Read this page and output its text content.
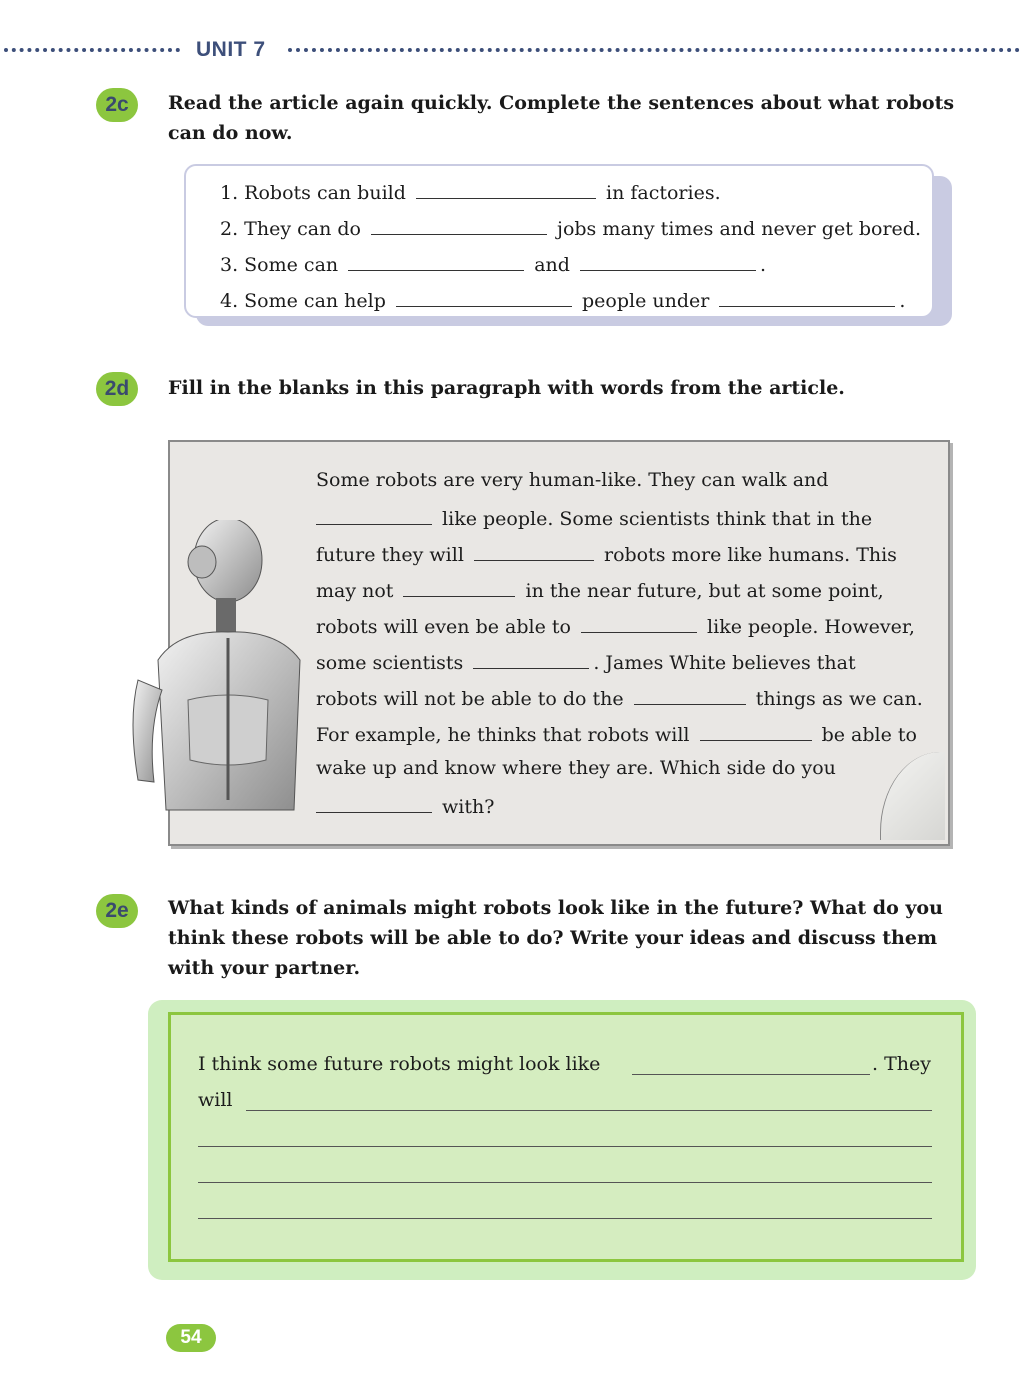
UNIT 7
2c	Read the article again quickly. Complete the sentences about what robots can do now.
1. Robots can build	in factories.
2. They can do	jobs many times and never get bored.
3. Some can	and	.
4. Some can help	people under	.
2d	Fill in the blanks in this paragraph with words from the article.
Some robots are very human-like. They can walk and
like people. Some scientists think that in the
future they will	robots more like humans. This
may not	in the near future, but at some point,
robots will even be able to	like people. However,
some scientists	. James White believes that
robots will not be able to do the	things as we can.
For example, he thinks that robots will	be able to
wake up and know where they are. Which side do you
with?
2e	What kinds of animals might robots look like in the future? What do you think these robots will be able to do? Write your ideas and discuss them with your partner.
I think some future robots might look like	. They
will
54
